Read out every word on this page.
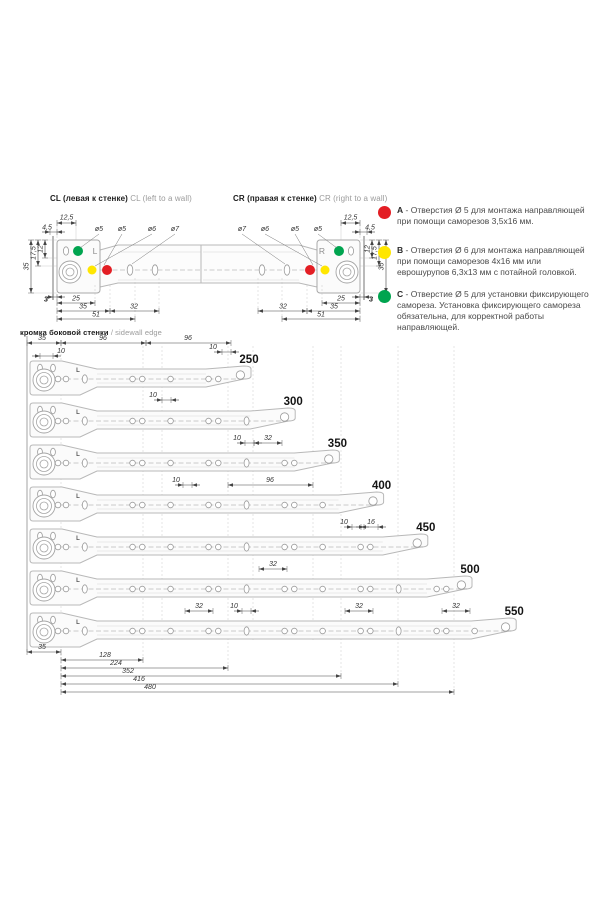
L
ø5 ø5	ø6 ø7
12,5
4,5
12
17,5
35
25
35
51
32
3
R
ø5
ø5
ø6
ø7
12,5
4,5
12 17,5
35
25
35
51
32
3
L
250
L
300
L
350
L
400
L
450
L
500
L
550
35	96	96
10
10
10
10	32
10	96
10	16
32
32	10	32	32
35
128
224
352
416
480
CL (левая к стенке) CL (left to a wall)	CR (правая к стенке) CR (right to a wall)
кромка боковой стенки / sidewall edge

A - Отверстия Ø 5 для монтажа направляющей при помощи саморезов 3,5х16 мм.

B - Отверстия Ø 6 для монтажа направляющей при помощи саморезов 4х16 мм или еврошурупов 6,3х13 мм с потайной головкой.

C - Отверстие Ø 5 для установки фиксирующего самореза. Установка фиксирующего самореза обязательна, для корректной работы направляющей.
